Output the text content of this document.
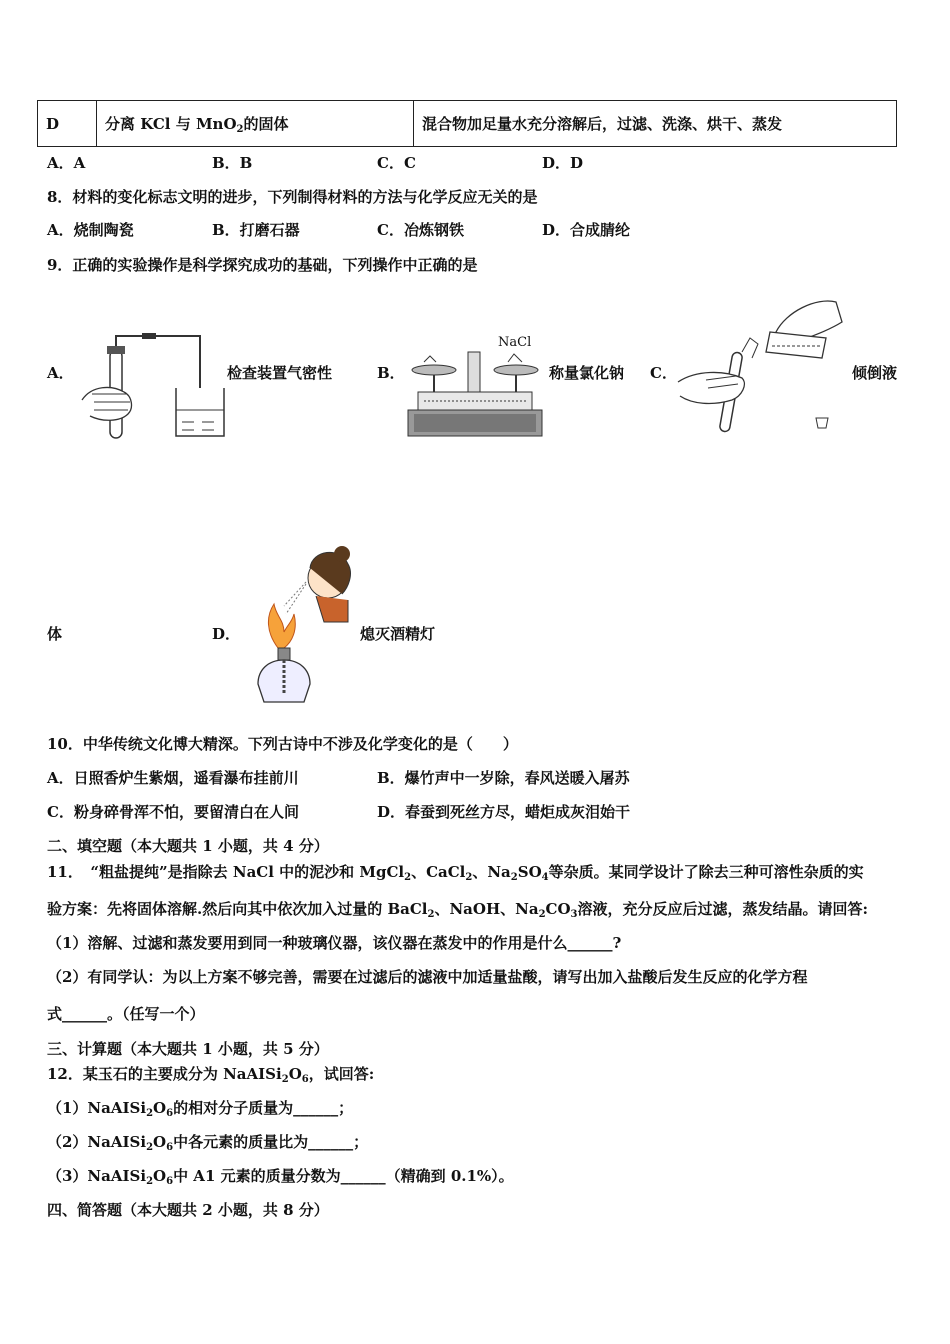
D	分离 KCl 与 MnO$_2$的固体	混合物加足量水充分溶解后，过滤、洗涤、烘干、蒸发
A．A	B．B	C．C	D．D
8．材料的变化标志文明的进步，下列制得材料的方法与化学反应无关的是
A．烧制陶瓷	B．打磨石器	C．冶炼钢铁	D．合成腈纶
9．正确的实验操作是科学探究成功的基础，下列操作中正确的是
A．	检查装置气密性	B．
NaCl
称量氯化钠 C．	倾倒液
体	D．	熄灭酒精灯
10．中华传统文化博大精深。下列古诗中不涉及化学变化的是（　　）
A．日照香炉生紫烟，遥看瀑布挂前川	B．爆竹声中一岁除，春风送暖入屠苏
C．粉身碎骨浑不怕，要留清白在人间	D．春蚕到死丝方尽，蜡炬成灰泪始干
二、填空题（本大题共 1 小题，共 4 分）
11．　“粗盐提纯”是指除去 NaCl 中的泥沙和 MgCl$_2$、CaCl$_2$、$Na_2SO_4$等杂质。某同学设计了除去三种可溶性杂质的实
验方案：先将固体溶解.然后向其中依次加入过量的 BaCl$_2$、NaOH、$Na_2CO_3$溶液，充分反应后过滤，蒸发结晶。请回答:
（1）溶解、过滤和蒸发要用到同一种玻璃仪器，该仪器在蒸发中的作用是什么______?
（2）有同学认：为以上方案不够完善，需要在过滤后的滤液中加适量盐酸，请写出加入盐酸后发生反应的化学方程
式______。（任写一个）
三、计算题（本大题共 1 小题，共 5 分）
12．某玉石的主要成分为 $NaAISi_2O_6$，试回答:
$(1)NaAISi_2O_6$的相对分子质量为______；
$(2)NaAISi_2O_6$中各元素的质量比为______；
$(3)NaAISi_2O_6$中 A1 元素的质量分数为______（精确到 0.1%）。
四、简答题（本大题共 2 小题，共 8 分）
